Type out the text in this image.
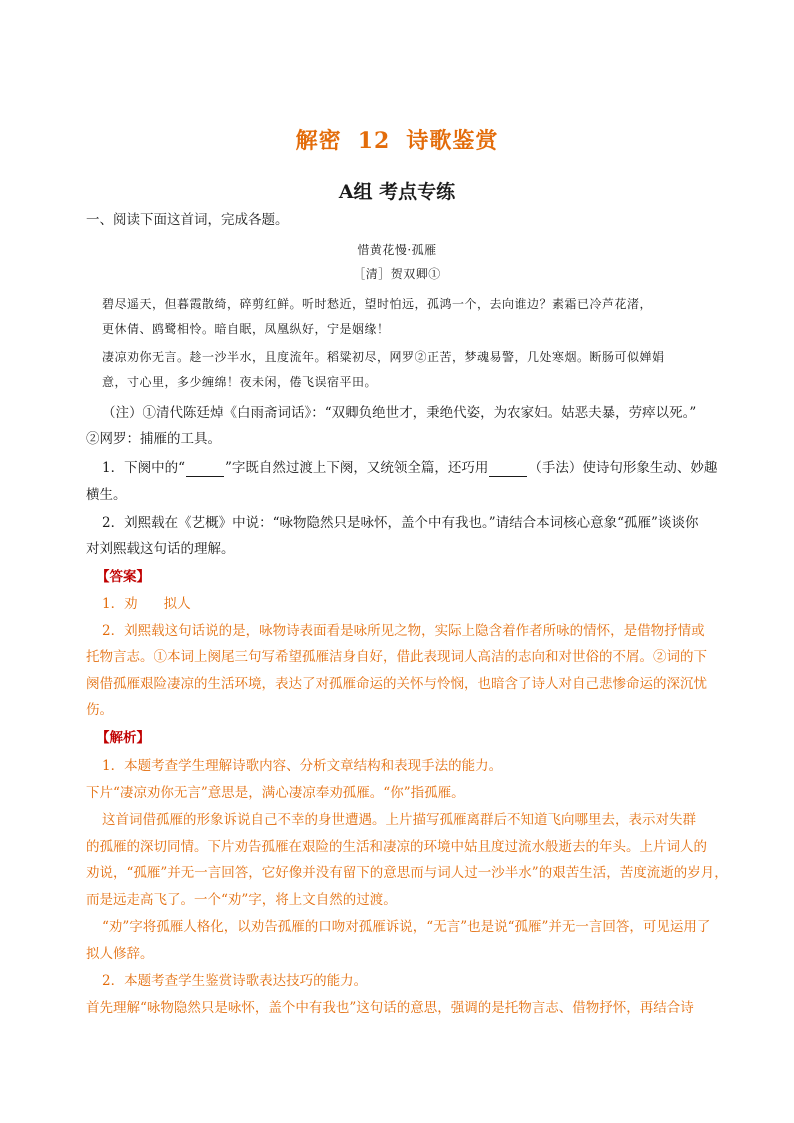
解密 12 诗歌鉴赏
A组 考点专练
一、阅读下面这首词，完成各题。
惜黄花慢·孤雁
［清］贺双卿①
碧尽遥天，但暮霞散绮，碎剪红鲜。听时愁近，望时怕远，孤鸿一个，去向谁边？素霜已冷芦花渚，
更休倩、鸥鹭相怜。暗自眠，凤凰纵好，宁是姻缘！
凄凉劝你无言。趁一沙半水，且度流年。稻粱初尽，网罗②正苦，梦魂易警，几处寒烟。断肠可似婵娟
意，寸心里，多少缠绵！夜未闲，倦飞误宿平田。
（注）①清代陈廷焯《白雨斋词话》：“双卿负绝世才，秉绝代姿，为农家妇。姑恶夫暴，劳瘁以死。”
②网罗：捕雁的工具。
1．下阕中的“	”字既自然过渡上下阕，又统领全篇，还巧用	（手法）使诗句形象生动、妙趣
横生。
2．刘熙载在《艺概》中说：“咏物隐然只是咏怀，盖个中有我也。”请结合本词核心意象“孤雁”谈谈你
对刘熙载这句话的理解。
【答案】
1．劝 拟人
2．刘熙载这句话说的是，咏物诗表面看是咏所见之物，实际上隐含着作者所咏的情怀，是借物抒情或
托物言志。①本词上阕尾三句写希望孤雁洁身自好，借此表现词人高洁的志向和对世俗的不屑。②词的下
阕借孤雁艰险凄凉的生活环境，表达了对孤雁命运的关怀与怜悯，也暗含了诗人对自己悲惨命运的深沉忧
伤。
【解析】
1．本题考查学生理解诗歌内容、分析文章结构和表现手法的能力。
下片“凄凉劝你无言”意思是，满心凄凉奉劝孤雁。“你”指孤雁。
这首词借孤雁的形象诉说自己不幸的身世遭遇。上片描写孤雁离群后不知道飞向哪里去，表示对失群
的孤雁的深切同情。下片劝告孤雁在艰险的生活和凄凉的环境中姑且度过流水般逝去的年头。上片词人的
劝说，“孤雁”并无一言回答，它好像并没有留下的意思而与词人过一沙半水”的艰苦生活，苦度流逝的岁月，
而是远走高飞了。一个“劝”字，将上文自然的过渡。
“劝”字将孤雁人格化，以劝告孤雁的口吻对孤雁诉说，“无言”也是说“孤雁”并无一言回答，可见运用了
拟人修辞。
2．本题考查学生鉴赏诗歌表达技巧的能力。
首先理解“咏物隐然只是咏怀，盖个中有我也”这句话的意思，强调的是托物言志、借物抒怀，再结合诗
